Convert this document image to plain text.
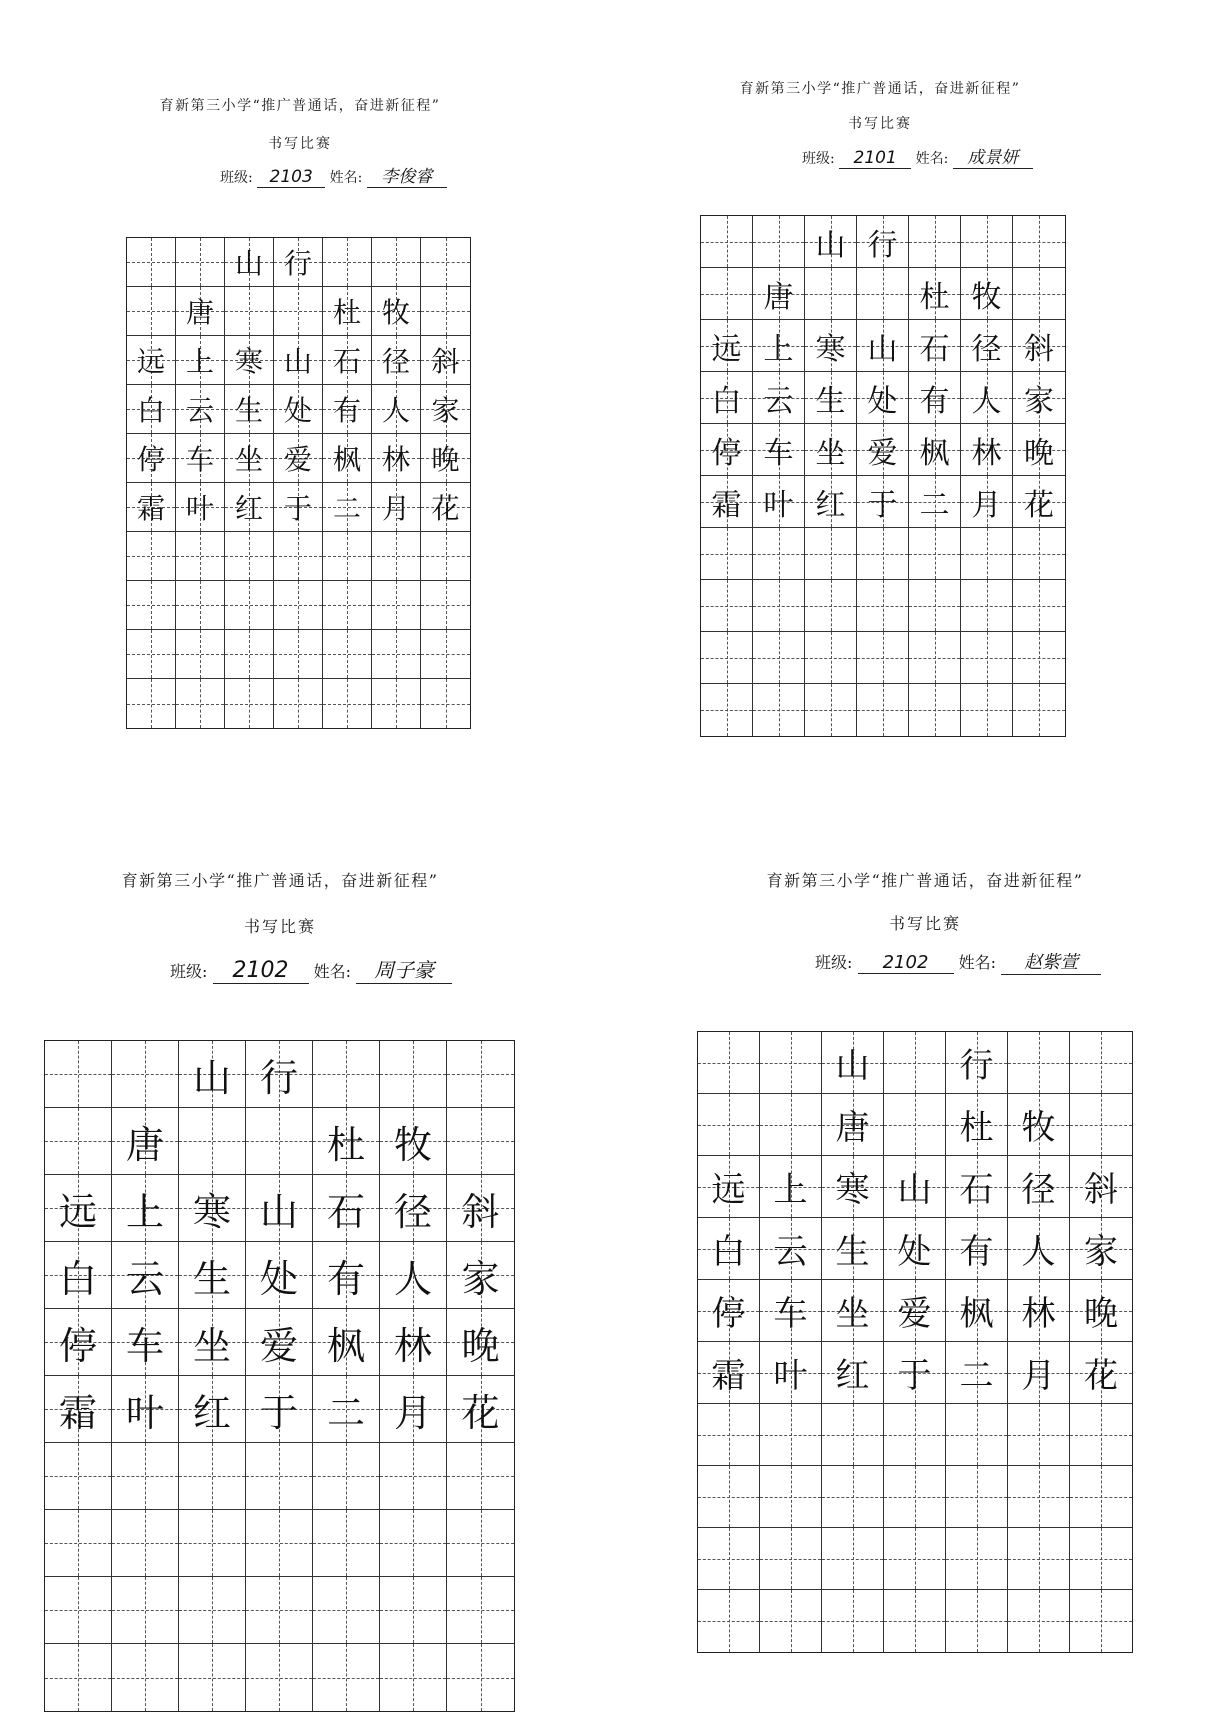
育新第三小学“推广普通话，奋进新征程”
书写比赛
班级: 2103 姓名: 李俊睿
山 行
唐	杜 牧
远 上 寒 山 石 径 斜
白 云 生 处 有 人 家
停 车 坐 爱 枫 林 晚
霜 叶 红 于 二 月 花
育新第三小学“推广普通话，奋进新征程”
书写比赛
班级: 2101 姓名: 成景妍
山 行
唐	杜 牧
远 上 寒 山 石 径 斜
白 云 生 处 有 人 家
停 车 坐 爱 枫 林 晚
霜 叶 红 于 二 月 花
育新第三小学“推广普通话，奋进新征程”
书写比赛
班级: 2102 姓名: 周子豪
山 行
唐	杜 牧
远 上 寒 山 石 径 斜
白 云 生 处 有 人 家
停 车 坐 爱 枫 林 晚
霜 叶 红 于 二 月 花
育新第三小学“推广普通话，奋进新征程”
书写比赛
班级: 2102 姓名: 赵紫萱
山	行
唐	杜 牧
远 上 寒 山 石 径 斜
白 云 生 处 有 人 家
停 车 坐 爱 枫 林 晚
霜 叶 红 于 二 月 花
